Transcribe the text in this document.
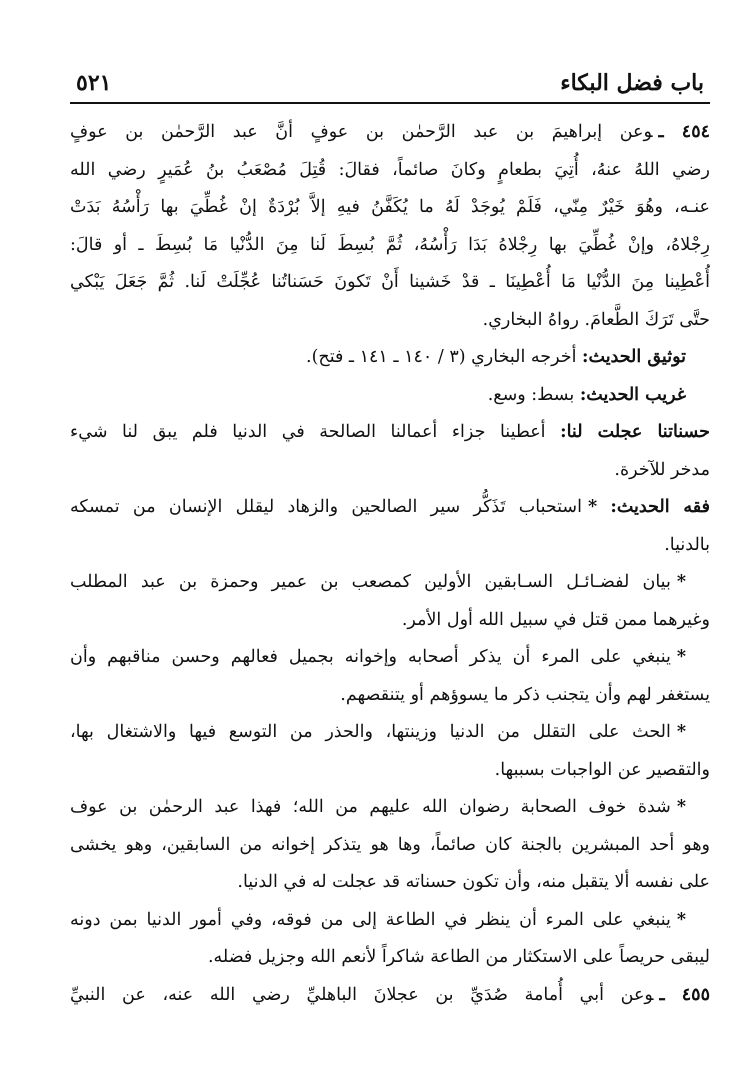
باب فضل البكاء
٥٢١
٤٥٤ ـوعن إبراهيمَ بن عبد الرَّحمٰن بن عوفٍ أنَّ عبد الرَّحمٰن بن عوفٍ
رضي اللهُ عنهُ، أُتِيَ بطعامٍ وكانَ صائماً، فقالَ: قُتِلَ مُصْعَبُ بنُ عُمَيرٍ رضي الله
عنـه، وهُوَ خَيْرٌ مِنّي، فَلَمْ يُوجَدْ لَهُ ما يُكَفَّنُ فيهِ إلاَّ بُرْدَةٌ إنْ غُطِّيَ بها رَأْسُهُ بَدَتْ
رِجْلاهُ، وإنْ غُطِّيَ بها رِجْلاهُ بَدَا رَأْسُهُ، ثُمَّ بُسِطَ لَنا مِنَ الدُّنْيا مَا بُسِطَ ـ أو قالَ:
أُعْطِينا مِنَ الدُّنْيا مَا أُعْطِينَا ـ قدْ خَشينا أَنْ تَكونَ حَسَناتُنا عُجِّلَتْ لَنا. ثُمَّ جَعَلَ يَبْكي
حتَّى تَرَكَ الطَّعامَ. رواهُ البخاري.
توثيق الحديث: أخرجه البخاري (٣ / ١٤٠ ـ ١٤١ ـ فتح).
غريب الحديث: بسط: وسع.
حسناتنا عجلت لنا: أعطينا جزاء أعمالنا الصالحة في الدنيا فلم يبق لنا شيء
مدخر للآخرة.
فقه الحديث: *استحباب تَذَكُّر سير الصالحين والزهاد ليقلل الإنسان من تمسكه
بالدنيا.
*بيان لفضـائـل السـابقين الأولين كمصعب بن عمير وحمزة بن عبد المطلب
وغيرهما ممن قتل في سبيل الله أول الأمر.
*ينبغي على المرء أن يذكر أصحابه وإخوانه بجميل فعالهم وحسن مناقبهم وأن
يستغفر لهم وأن يتجنب ذكر ما يسوؤهم أو يتنقصهم.
*الحث على التقلل من الدنيا وزينتها، والحذر من التوسع فيها والاشتغال بها،
والتقصير عن الواجبات بسببها.
*شدة خوف الصحابة رضوان الله عليهم من الله؛ فهذا عبد الرحمٰن بن عوف
وهو أحد المبشرين بالجنة كان صائماً، وها هو يتذكر إخوانه من السابقين، وهو يخشى
على نفسه ألا يتقبل منه، وأن تكون حسناته قد عجلت له في الدنيا.
*ينبغي على المرء أن ينظر في الطاعة إلى من فوقه، وفي أمور الدنيا بمن دونه
ليبقى حريصاً على الاستكثار من الطاعة شاكراً لأنعم الله وجزيل فضله.
٤٥٥ ـوعن أبي أُمامة صُدَيِّ بن عجلانَ الباهليِّ رضي الله عنه، عن النبيِّ
